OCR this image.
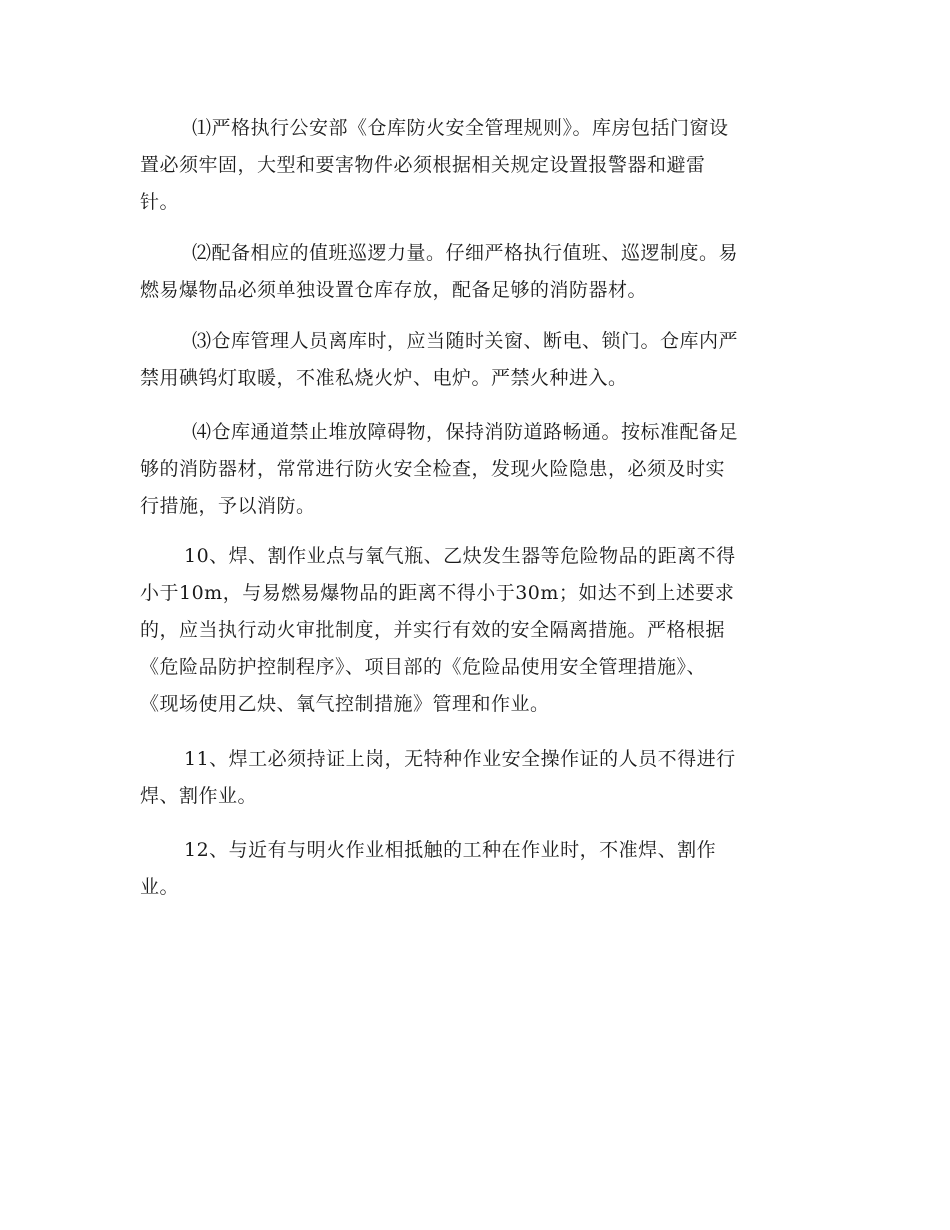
⑴严格执行公安部《仓库防火安全管理规则》。库房包括门窗设
置必须牢固，大型和要害物件必须根据相关规定设置报警器和避雷
针。

⑵配备相应的值班巡逻力量。仔细严格执行值班、巡逻制度。易
燃易爆物品必须单独设置仓库存放，配备足够的消防器材。

⑶仓库管理人员离库时，应当随时关窗、断电、锁门。仓库内严
禁用碘钨灯取暖，不准私烧火炉、电炉。严禁火种进入。

⑷仓库通道禁止堆放障碍物，保持消防道路畅通。按标准配备足
够的消防器材，常常进行防火安全检查，发现火险隐患，必须及时实
行措施，予以消防。

10、焊、割作业点与氧气瓶、乙炔发生器等危险物品的距离不得
小于10m，与易燃易爆物品的距离不得小于30m；如达不到上述要求
的，应当执行动火审批制度，并实行有效的安全隔离措施。严格根据
《危险品防护控制程序》、项目部的《危险品使用安全管理措施》、
《现场使用乙炔、氧气控制措施》管理和作业。

11、焊工必须持证上岗，无特种作业安全操作证的人员不得进行
焊、割作业。

12、与近有与明火作业相抵触的工种在作业时，不准焊、割作
业。
